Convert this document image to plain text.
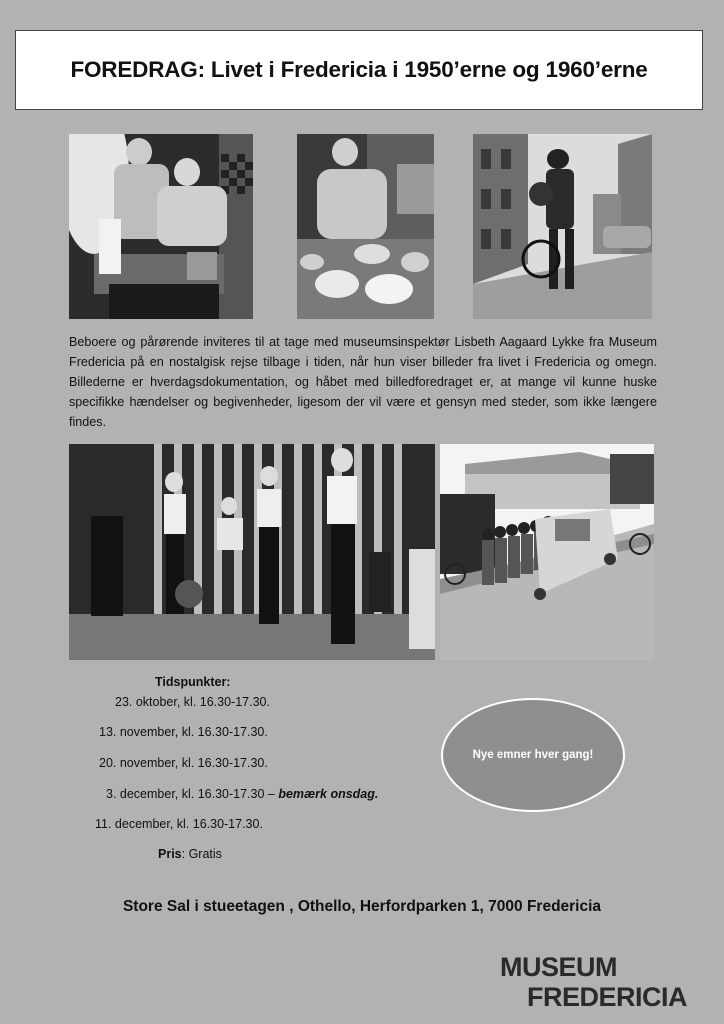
FOREDRAG: Livet i Fredericia i 1950’erne og 1960’erne

Beboere og pårørende inviteres til at tage med museumsinspektør Lisbeth Aagaard Lykke fra Museum Fredericia på en nostalgisk rejse tilbage i tiden, når hun viser billeder fra livet i Fredericia og omegn. Billederne er hverdagsdokumentation, og håbet med billedforedraget er, at mange vil kunne huske specifikke hændelser og begivenheder, ligesom der vil være et gensyn med steder, som ikke længere findes.

Tidspunkter:
23. oktober, kl. 16.30-17.30.
13. november, kl. 16.30-17.30.
20. november, kl. 16.30-17.30.
3. december, kl. 16.30-17.30 – bemærk onsdag.
11. december, kl. 16.30-17.30.
Pris: Gratis
Nye emner hver gang!
Store Sal i stueetagen , Othello, Herfordparken 1, 7000 Fredericia
MUSEUM
FREDERICIA
